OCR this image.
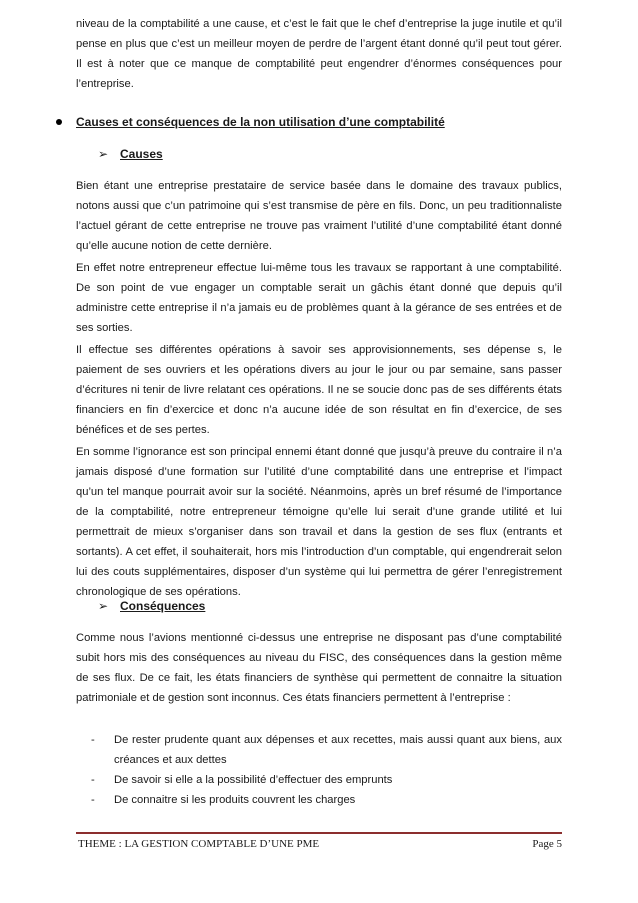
niveau de la comptabilité a une cause, et c’est le fait que le chef d’entreprise la juge inutile et qu’il pense en plus que c’est un meilleur moyen de perdre de l’argent étant donné qu’il peut tout gérer. Il est à noter que ce manque de comptabilité peut engendrer d’énormes conséquences pour l’entreprise.

Causes et conséquences de la non utilisation d’une comptabilité

➢ Causes

Bien étant une entreprise prestataire de service basée dans le domaine des travaux publics, notons aussi que c’un patrimoine qui s’est transmise de père en fils. Donc, un peu traditionnaliste l’actuel gérant de cette entreprise ne trouve pas vraiment l’utilité d’une comptabilité étant donné qu’elle aucune notion de cette dernière.

En effet notre entrepreneur effectue lui-même tous les travaux se rapportant à une comptabilité. De son point de vue engager un comptable serait un gâchis étant donné que depuis qu’il administre cette entreprise il n’a jamais eu de problèmes quant à la gérance de ses entrées et de ses sorties.

Il effectue ses différentes opérations à savoir ses approvisionnements, ses dépense s, le paiement de ses ouvriers et les opérations divers au jour le jour ou par semaine, sans passer d’écritures ni tenir de livre relatant ces opérations. Il ne se soucie donc pas de ses différents états financiers en fin d’exercice et donc n’a aucune idée de son résultat en fin d’exercice, de ses bénéfices et de ses pertes.

En somme l’ignorance est son principal ennemi étant donné que jusqu’à preuve du contraire il n’a jamais disposé d’une formation sur l’utilité d’une comptabilité dans une entreprise et l’impact qu’un tel manque pourrait avoir sur la société. Néanmoins, après un bref résumé de l’importance de la comptabilité, notre entrepreneur témoigne qu’elle lui serait d’une grande utilité et lui permettrait de mieux s’organiser dans son travail et dans la gestion de ses flux (entrants et sortants). A cet effet, il souhaiterait, hors mis l’introduction d’un comptable, qui engendrerait selon lui des couts supplémentaires, disposer d’un système qui lui permettra de gérer l’enregistrement chronologique de ses opérations.

➢ Conséquences

Comme nous l’avions mentionné ci-dessus une entreprise ne disposant pas d’une comptabilité subit hors mis des conséquences au niveau du FISC, des conséquences dans la gestion même de ses flux. De ce fait, les états financiers de synthèse qui permettent de connaitre la situation patrimoniale et de gestion sont inconnus. Ces états financiers permettent à l’entreprise :

- De rester prudente quant aux dépenses et aux recettes, mais aussi quant aux biens, aux créances et aux dettes
- De savoir si elle a la possibilité d’effectuer des emprunts
- De connaitre si les produits couvrent les charges
THEME : LA GESTION COMPTABLE D’UNE PME	Page 5
